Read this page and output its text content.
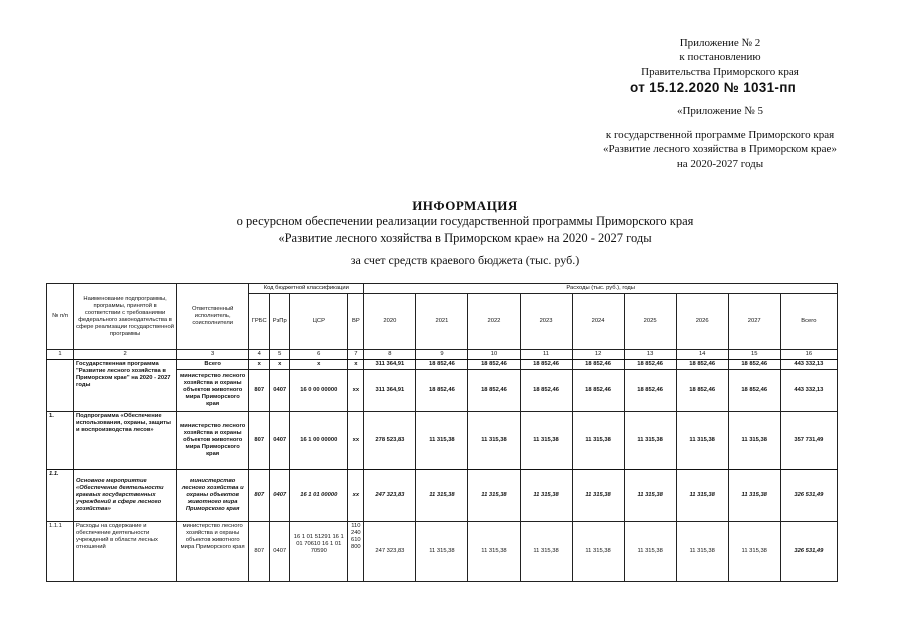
Приложение № 2
к постановлению
Правительства Приморского края
от 15.12.2020 № 1031-пп
«Приложение № 5
к государственной программе Приморского края
«Развитие лесного хозяйства в Приморском крае»
на 2020-2027 годы
ИНФОРМАЦИЯ
о ресурсном обеспечении реализации государственной программы Приморского края
«Развитие лесного хозяйства в Приморском крае» на 2020 - 2027 годы
за счет средств краевого бюджета (тыс. руб.)
№ п/п	Наименование подпрограммы, программы, принятой в соответствии с требованиями федерального законодательства в сфере реализации государственной программы	Ответственный исполнитель, соисполнители	Код бюджетной классификации				Расходы (тыс. руб.), годы								
			ГРБС	РзПр	ЦСР	ВР	2020	2021	2022	2023	2024	2025	2026	2027	Всего
1	2	3	4	5	6	7	8	9	10	11	12	13	14	15	16
	Государственная программа "Развитие лесного хозяйства в Приморском крае" на 2020 - 2027 годы	Всего	х	х	х	х	311 364,91	18 852,46	18 852,46	18 852,46	18 852,46	18 852,46	18 852,46	18 852,46	443 332,13
		министерство лесного хозяйства и охраны объектов животного мира Приморского края	807	0407	16 0 00 00000	хх	311 364,91	18 852,46	18 852,46	18 852,46	18 852,46	18 852,46	18 852,46	18 852,46	443 332,13
1.	Подпрограмма «Обеспечение использования, охраны, защиты и воспроизводства лесов»	министерство лесного хозяйства и охраны объектов животного мира Приморского края	807	0407	16 1 00 00000	хх	278 523,83	11 315,38	11 315,38	11 315,38	11 315,38	11 315,38	11 315,38	11 315,38	357 731,49
1.1.	Основное мероприятие «Обеспечение деятельности краевых государственных учреждений в сфере лесного хозяйства»	министерство лесного хозяйства и охраны объектов животного мира Приморского края	807	0407	16 1 01 00000	хх	247 323,83	11 315,38	11 315,38	11 315,38	11 315,38	11 315,38	11 315,38	11 315,38	326 531,49
1.1.1	Расходы на содержание и обеспечение деятельности учреждений в области лесных отношений	министерство лесного хозяйства и охраны объектов животного мира Приморского края	807	0407	16 1 01 51291 16 1 01 70610 16 1 01 70590	110 240 610 800	247 323,83	11 315,38	11 315,38	11 315,38	11 315,38	11 315,38	11 315,38	11 315,38	326 531,49
